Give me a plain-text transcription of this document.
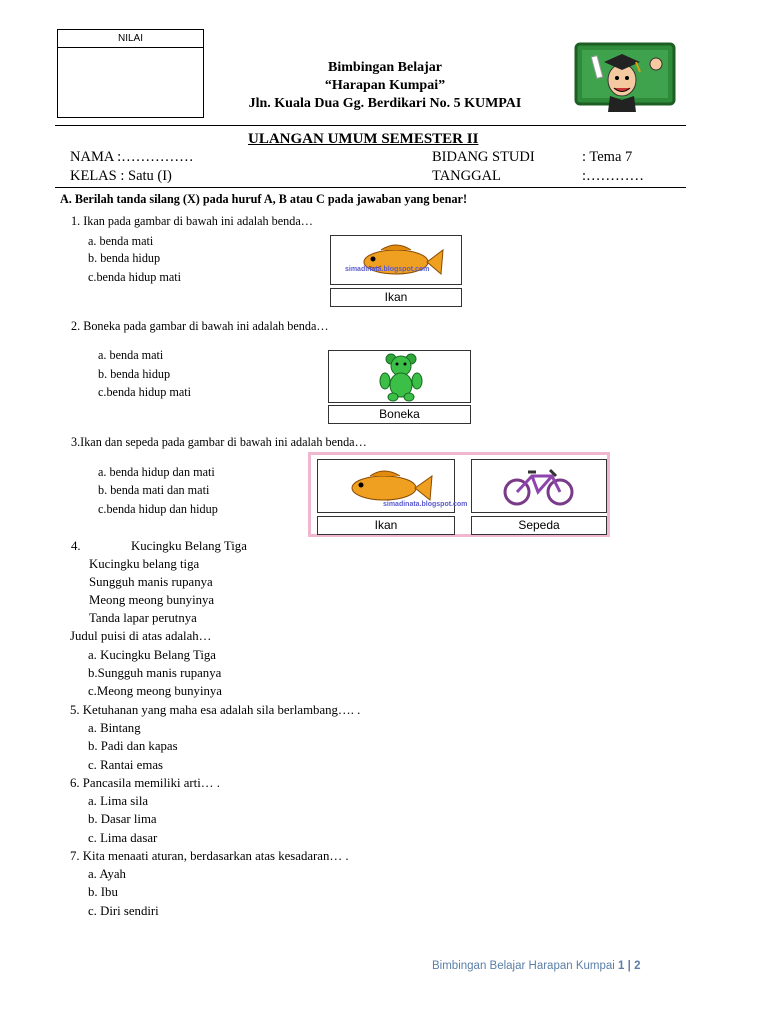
NILAI
Bimbingan Belajar
“Harapan Kumpai”
Jln. Kuala Dua Gg. Berdikari No. 5 KUMPAI
ULANGAN UMUM SEMESTER II
NAMA :……………
KELAS : Satu (I)
BIDANG STUDI	: Tema 7
TANGGAL	:…………
A. Berilah tanda silang (X) pada huruf A, B atau C pada jawaban yang benar!
1. Ikan pada gambar di bawah ini adalah benda…
a. benda mati
b. benda hidup
c.benda hidup mati
simadinata.blogspot.com
Ikan
2. Boneka pada gambar di bawah ini adalah benda…
a. benda mati
b. benda hidup
c.benda hidup mati
Boneka
3.Ikan dan sepeda pada gambar di bawah ini adalah benda…
a. benda hidup dan mati
b. benda mati dan mati
c.benda hidup dan hidup	simadinata.blogspot.com
Ikan	Sepeda
4.	Kucingku Belang Tiga
Kucingku belang tiga
Sungguh manis rupanya
Meong meong bunyinya
Tanda lapar perutnya
Judul puisi di atas adalah…
a. Kucingku Belang Tiga
b.Sungguh manis rupanya
c.Meong meong bunyinya
5. Ketuhanan yang maha esa adalah sila berlambang…. .
a. Bintang
b. Padi dan kapas
c. Rantai emas
6. Pancasila memiliki arti… .
a. Lima sila
b. Dasar lima
c. Lima dasar
7. Kita menaati aturan, berdasarkan atas kesadaran… .
a. Ayah
b. Ibu
c. Diri sendiri
Bimbingan Belajar Harapan Kumpai 1 | 2
